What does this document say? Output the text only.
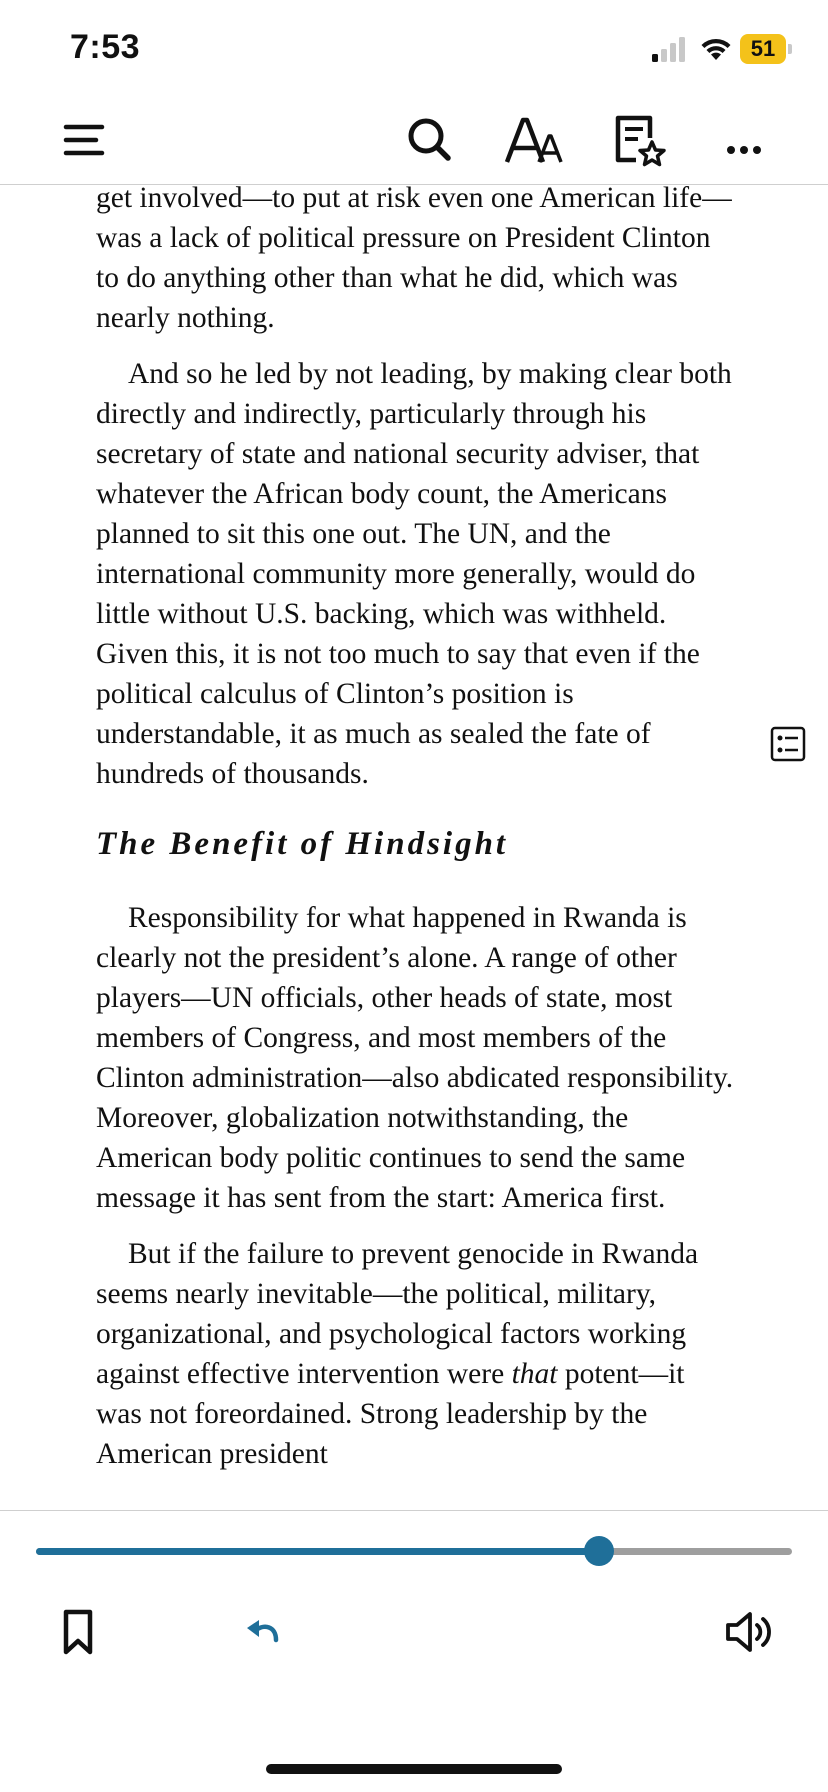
7:53	51

get involved—to put at risk even one American life—was a lack of political pressure on President Clinton to do anything other than what he did, which was nearly nothing.

And so he led by not leading, by making clear both directly and indirectly, particularly through his secretary of state and national security adviser, that whatever the African body count, the Americans planned to sit this one out. The UN, and the international community more generally, would do little without U.S. backing, which was withheld. Given this, it is not too much to say that even if the political calculus of Clinton’s position is understandable, it as much as sealed the fate of hundreds of thousands.

The Benefit of Hindsight

Responsibility for what happened in Rwanda is clearly not the president’s alone. A range of other players—UN officials, other heads of state, most members of Congress, and most members of the Clinton administration—also abdicated responsibility. Moreover, globalization notwithstanding, the American body politic continues to send the same message it has sent from the start: America first.

But if the failure to prevent genocide in Rwanda seems nearly inevitable—the political, military, organizational, and psychological factors working against effective intervention were that potent—it was not foreordained. Strong leadership by the American president
